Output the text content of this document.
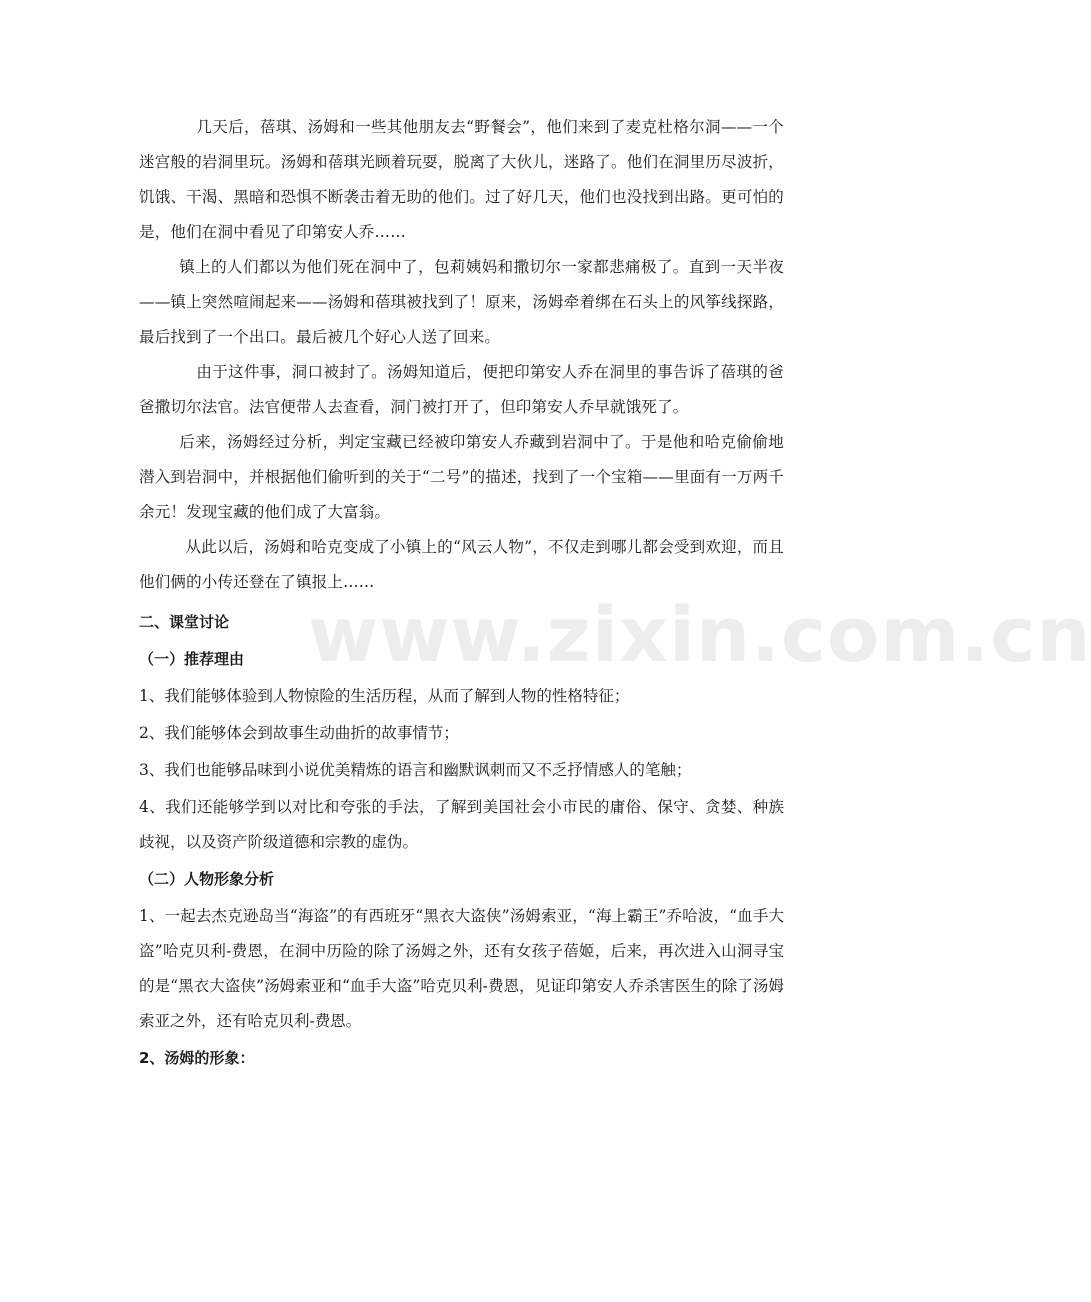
www.zixin.com.cn

几天后，蓓琪、汤姆和一些其他朋友去“野餐会”，他们来到了麦克杜格尔洞——一个迷宫般的岩洞里玩。汤姆和蓓琪光顾着玩耍，脱离了大伙儿，迷路了。他们在洞里历尽波折，饥饿、干渴、黑暗和恐惧不断袭击着无助的他们。过了好几天，他们也没找到出路。更可怕的是，他们在洞中看见了印第安人乔……

镇上的人们都以为他们死在洞中了，包莉姨妈和撒切尔一家都悲痛极了。直到一天半夜——镇上突然喧闹起来——汤姆和蓓琪被找到了！原来，汤姆牵着绑在石头上的风筝线探路，最后找到了一个出口。最后被几个好心人送了回来。

由于这件事，洞口被封了。汤姆知道后，便把印第安人乔在洞里的事告诉了蓓琪的爸爸撒切尔法官。法官便带人去查看，洞门被打开了，但印第安人乔早就饿死了。

后来，汤姆经过分析，判定宝藏已经被印第安人乔藏到岩洞中了。于是他和哈克偷偷地潜入到岩洞中，并根据他们偷听到的关于“二号”的描述，找到了一个宝箱——里面有一万两千余元！发现宝藏的他们成了大富翁。

从此以后，汤姆和哈克变成了小镇上的“风云人物”，不仅走到哪儿都会受到欢迎，而且他们俩的小传还登在了镇报上……

二、课堂讨论
（一）推荐理由

1、我们能够体验到人物惊险的生活历程，从而了解到人物的性格特征；

2、我们能够体会到故事生动曲折的故事情节；

3、我们也能够品味到小说优美精炼的语言和幽默讽刺而又不乏抒情感人的笔触；

4、我们还能够学到以对比和夸张的手法，了解到美国社会小市民的庸俗、保守、贪婪、种族歧视，以及资产阶级道德和宗教的虚伪。

（二）人物形象分析

1、一起去杰克逊岛当“海盗”的有西班牙“黑衣大盗侠”汤姆索亚，“海上霸王”乔哈波，“血手大盗”哈克贝利-费恩，在洞中历险的除了汤姆之外，还有女孩子蓓姬，后来，再次进入山洞寻宝的是“黑衣大盗侠”汤姆索亚和“血手大盗”哈克贝利-费恩，见证印第安人乔杀害医生的除了汤姆索亚之外，还有哈克贝利-费恩。

2、汤姆的形象：
